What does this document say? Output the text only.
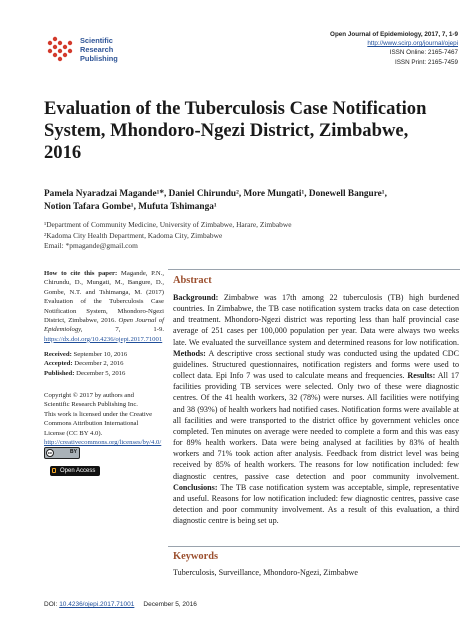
Scientific
Research
Publishing
Open Journal of Epidemiology, 2017, 7, 1-9
http://www.scirp.org/journal/ojepi
ISSN Online: 2165-7467
ISSN Print: 2165-7459
Evaluation of the Tuberculosis Case Notification System, Mhondoro-Ngezi District, Zimbabwe, 2016
Pamela Nyaradzai Magande¹*, Daniel Chirundu², More Mungati¹, Donewell Bangure¹,
Notion Tafara Gombe¹, Mufuta Tshimanga¹
¹Department of Community Medicine, University of Zimbabwe, Harare, Zimbabwe
²Kadoma City Health Department, Kadoma City, Zimbabwe
Email: *pmagande@gmail.com
How to cite this paper: Magande, P.N., Chirundu, D., Mungati, M., Bangure, D., Gombe, N.T. and Tshimanga, M. (2017) Evaluation of the Tuberculosis Case Notification System, Mhondoro-Ngezi District, Zimbabwe, 2016. Open Journal of Epidemiology,	7, 1-9. https://dx.doi.org/10.4236/ojepi.2017.71001
Received: September 10, 2016
Accepted: December 2, 2016
Published: December 5, 2016
Copyright © 2017 by authors and
Scientific Research Publishing Inc.
This work is licensed under the Creative
Commons Attribution International
License (CC BY 4.0).
http://creativecommons.org/licenses/by/4.0/
cc	BY

Open Access
Abstract
Background: Zimbabwe was 17th among 22 tuberculosis (TB) high burdened countries. In Zimbabwe, the TB case notification system tracks data on case detection and treatment. Mhondoro-Ngezi district was reporting less than half provincial case average of 251 cases per 100,000 population per year. Data were always two weeks late. We evaluated the surveillance system and determined reasons for low notification. Methods: A descriptive cross sectional study was conducted using the updated CDC guidelines. Structured questionnaires, notification registers and forms were used to collect data. Epi Info 7 was used to calculate means and frequencies. Results: All 17 facilities providing TB services were selected. Only two of these were diagnostic centres. Of the 41 health workers, 32 (78%) were nurses. All facilities were notifying and 38 (93%) of health workers had notified cases. Notification forms were available at all facilities and were transported to the district office by government vehicles once completed. Ten minutes on average were needed to complete a form and this was easy for 89% health workers. Data were being analysed at facilities by 83% of health workers and 71% took action after analysis. Feedback from district level was being received by 85% of health workers. The reasons for low notification included: few diagnostic centres, passive case detection and poor community involvement. Conclusions: The TB case notification system was acceptable, simple, representative and useful. Reasons for low notification included: few diagnostic centres, passive case detection and poor community involvement. As a result of this evaluation, a third diagnostic centre is being set up.
Keywords
Tuberculosis, Surveillance, Mhondoro-Ngezi, Zimbabwe
DOI: 10.4236/ojepi.2017.71001 December 5, 2016
